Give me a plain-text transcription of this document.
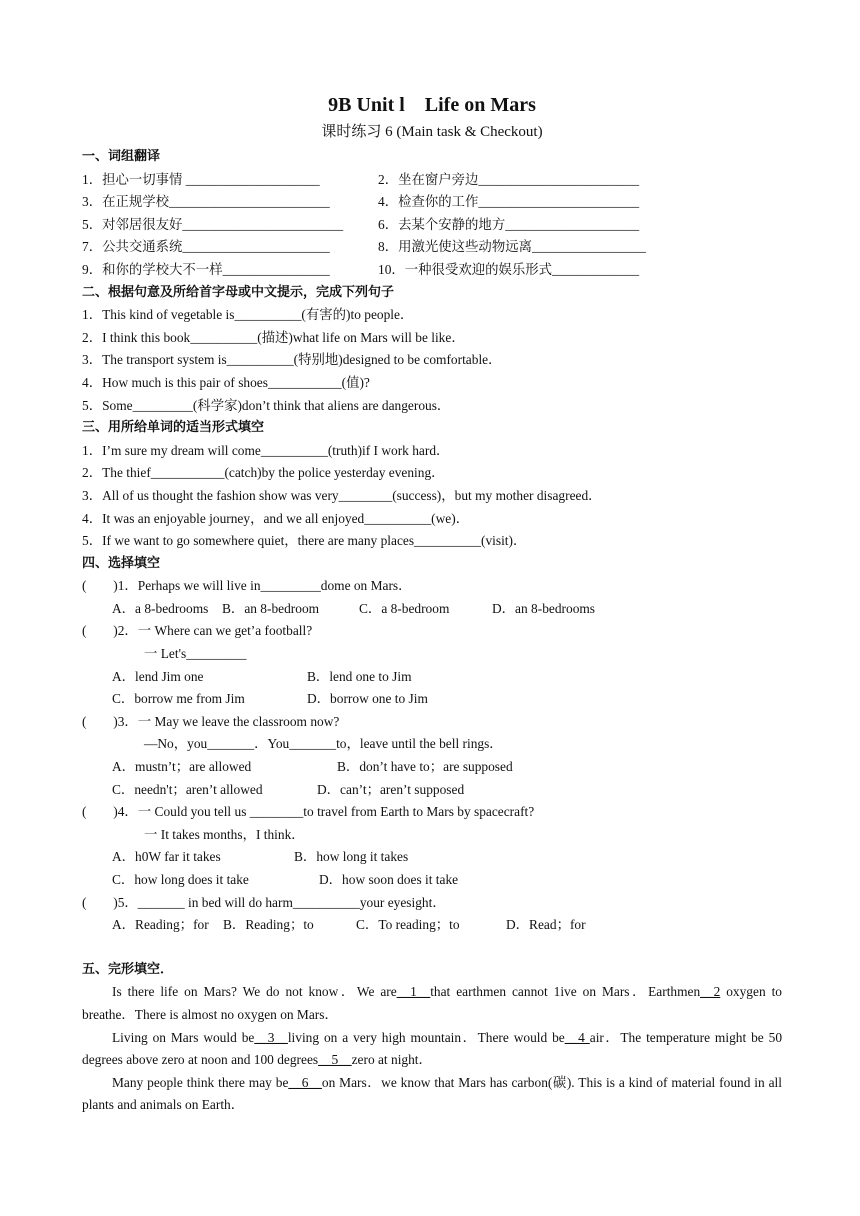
9B Unit l　Life on Mars
课时练习 6 (Main task & Checkout)
一、词组翻译
1．担心一切事情 ____________________	2．坐在窗户旁边________________________
3．在正规学校________________________	4．检查你的工作________________________
5．对邻居很友好________________________	6．去某个安静的地方____________________
7．公共交通系统______________________	8．用激光使这些动物远离_________________
9．和你的学校大不一样________________	10．一种很受欢迎的娱乐形式_____________
二、根据句意及所给首字母或中文提示，完成下列句子
1．This kind of vegetable is__________(有害的)to people．
2．I think this book__________(描述)what life on Mars will be like．
3．The transport system is__________(特别地)designed to be comfortable．
4．How much is this pair of shoes___________(值)?
5．Some_________(科学家)don’t think that aliens are dangerous．
三、用所给单词的适当形式填空
1．I’m sure my dream will come__________(truth)if I work hard．
2．The thief___________(catch)by the police yesterday evening．
3．All of us thought the fashion show was very________(success)，but my mother disagreed．
4．It was an enjoyable journey，and we all enjoyed__________(we)．
5．If we want to go somewhere quiet，there are many places__________(visit)．
四、选择填空
(　　)1．Perhaps we will live in_________dome on Mars．
A．a 8-bedrooms	B．an 8-bedroom	C．a 8-bedroom	D．an 8-bedrooms
(　　)2．一 Where can we get’a football?
一 Let's_________
A．lend Jim one	B．lend one to Jim
C．borrow me from Jim	D．borrow one to Jim
(　　)3．一 May we leave the classroom now?
—No，you_______．You_______to，leave until the bell rings．
A．mustn’t；are allowed	B．don’t have to；are supposed
C．needn't；aren’t allowed	D．can’t；aren’t supposed
(　　)4．一 Could you tell us ________to travel from Earth to Mars by spacecraft?
一 It takes months，I think．
A．h0W far it takes	B．how long it takes
C．how long does it take	D．how soon does it take
(　　)5．_______ in bed will do harm__________your eyesight．
A．Reading；for	B．Reading；to	C．To reading；to	D．Read；for
五、完形填空．
Is there life on Mars? We do not know．We are__1__that earthmen cannot 1ive on Mars．Earthmen__2 oxygen to breathe．There is almost no oxygen on Mars．
Living on Mars would be__3__living on a very high mountain．There would be__4 air．The temperature might be 50 degrees above zero at noon and 100 degrees__5__zero at night．
Many people think there may be__6__on Mars．we know that Mars has carbon(碳). This is a kind of material found in all plants and animals on Earth．
